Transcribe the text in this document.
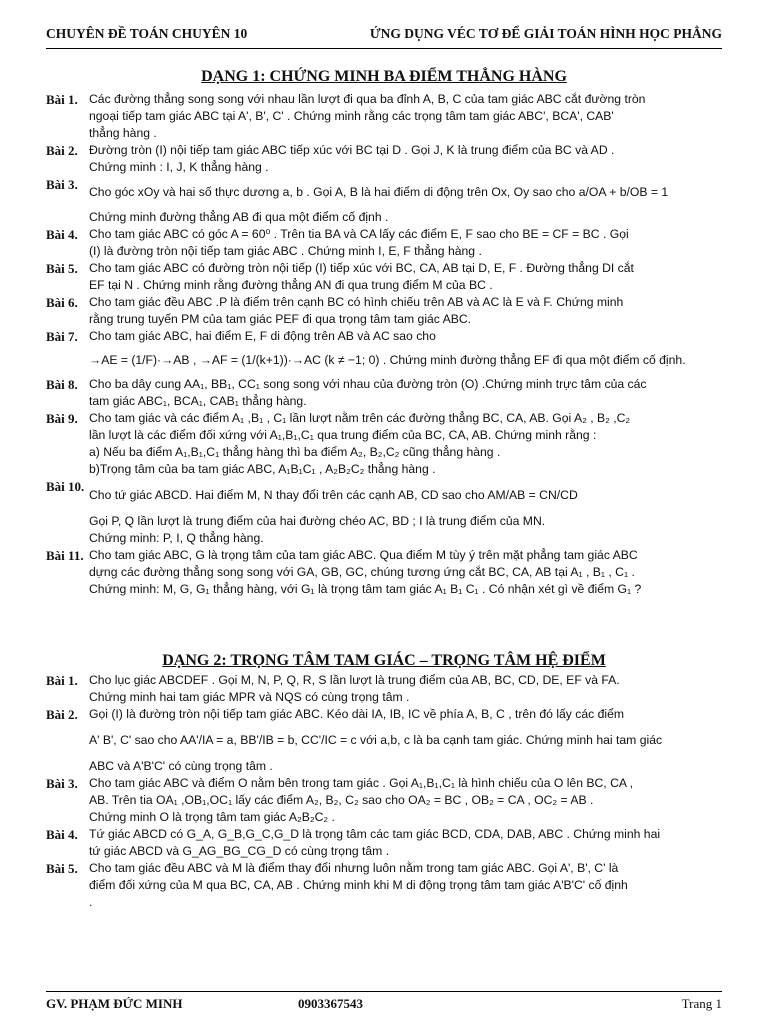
CHUYÊN ĐỀ TOÁN CHUYÊN 10	ỨNG DỤNG VÉC TƠ ĐỂ GIẢI TOÁN HÌNH HỌC PHẲNG
DẠNG 1: CHỨNG MINH BA ĐIỂM THẲNG HÀNG
Bài 1. Các đường thẳng song song với nhau lần lượt đi qua ba đỉnh A, B, C của tam giác ABC cắt đường tròn
ngoại tiếp tam giác ABC tại A', B', C' . Chứng minh rằng các trọng tâm tam giác ABC', BCA', CAB'
thẳng hàng .
Bài 2. Đường tròn (I) nội tiếp tam giác ABC tiếp xúc với BC tại D . Gọi J, K là trung điểm của BC và AD .
Chứng minh : I, J, K thẳng hàng .
Bài 3. Cho góc xOy và hai số thực dương a, b . Gọi A, B là hai điểm di động trên Ox, Oy sao cho a/OA + b/OB = 1
Chứng minh đường thẳng AB đi qua một điểm cố định .
Bài 4. Cho tam giác ABC có góc A = 60⁰ . Trên tia BA và CA lấy các điểm E, F sao cho BE = CF = BC . Gọi
(I) là đường tròn nội tiếp tam giác ABC . Chứng minh I, E, F thẳng hàng .
Bài 5. Cho tam giác ABC có đường tròn nội tiếp (I) tiếp xúc với BC, CA, AB tại D, E, F . Đường thẳng DI cắt
EF tại N . Chứng minh rằng đường thẳng AN đi qua trung điểm M của BC .
Bài 6. Cho tam giác đều ABC .P là điểm trên cạnh BC có hình chiếu trên AB và AC là E và F. Chứng minh
rằng trung tuyến PM của tam giác PEF đi qua trọng tâm tam giác ABC.
Bài 7. Cho tam giác ABC, hai điểm E, F di động trên AB và AC sao cho
→AE = (1/F)·→AB , →AF = (1/(k+1))·→AC (k ≠ −1; 0) . Chứng minh đường thẳng EF đi qua một điểm cố định.
Bài 8. Cho ba dây cung AA₁, BB₁, CC₁ song song với nhau của đường tròn (O) .Chứng minh trực tâm của các
tam giác ABC₁, BCA₁, CAB₁ thẳng hàng.
Bài 9. Cho tam giác và các điểm A₁ ,B₁ , C₁ lần lượt nằm trên các đường thẳng BC, CA, AB. Gọi A₂ , B₂ ,C₂
lần lượt là các điểm đối xứng với A₁,B₁,C₁ qua trung điểm của BC, CA, AB. Chứng minh rằng :
a) Nếu ba điểm A₁,B₁,C₁ thẳng hàng thì ba điểm A₂, B₂,C₂ cũng thẳng hàng .
b)Trọng tâm của ba tam giác ABC, A₁B₁C₁ , A₂B₂C₂ thẳng hàng .
Bài 10.
Cho tứ giác ABCD. Hai điểm M, N thay đổi trên các cạnh AB, CD sao cho AM/AB = CN/CD
Gọi P, Q lần lượt là trung điểm của hai đường chéo AC, BD ; I là trung điểm của MN.
Chứng minh: P, I, Q thẳng hàng.
Bài 11. Cho tam giác ABC, G là trọng tâm của tam giác ABC. Qua điểm M tùy ý trên mặt phẳng tam giác ABC
dựng các đường thẳng song song với GA, GB, GC, chúng tương ứng cắt BC, CA, AB tại A₁ , B₁ , C₁ .
Chứng minh: M, G, G₁ thẳng hàng, với G₁ là trọng tâm tam giác A₁ B₁ C₁ . Có nhận xét gì về điểm G₁ ?
DẠNG 2: TRỌNG TÂM TAM GIÁC – TRỌNG TÂM HỆ ĐIỂM
Bài 1. Cho lục giác ABCDEF . Gọi M, N, P, Q, R, S lần lượt là trung điểm của AB, BC, CD, DE, EF và FA.
Chứng minh hai tam giác MPR và NQS có cùng trọng tâm .
Bài 2. Gọi (I) là đường tròn nội tiếp tam giác ABC. Kéo dài IA, IB, IC về phía A, B, C , trên đó lấy các điểm
A' B', C' sao cho AA'/IA = a, BB'/IB = b, CC'/IC = c với a,b, c là ba cạnh tam giác. Chứng minh hai tam giác
ABC và A'B'C' có cùng trọng tâm .
Bài 3. Cho tam giác ABC và điểm O nằm bên trong tam giác . Gọi A₁,B₁,C₁ là hình chiếu của O lên BC, CA ,
AB. Trên tia OA₁ ,OB₁,OC₁ lấy các điểm A₂, B₂, C₂ sao cho OA₂ = BC , OB₂ = CA , OC₂ = AB .
Chứng minh O là trọng tâm tam giác A₂B₂C₂ .
Bài 4. Tứ giác ABCD có G_A, G_B,G_C,G_D là trọng tâm các tam giác BCD, CDA, DAB, ABC . Chứng minh hai
tứ giác ABCD và G_AG_BG_CG_D có cùng trọng tâm .
Bài 5. Cho tam giác đều ABC và M là điểm thay đổi nhưng luôn nằm trong tam giác ABC. Gọi A', B', C' là
điểm đối xứng của M qua BC, CA, AB . Chứng minh khi M di động trọng tâm tam giác A'B'C' cố định
.
GV. PHẠM ĐỨC MINH	0903367543	Trang 1
